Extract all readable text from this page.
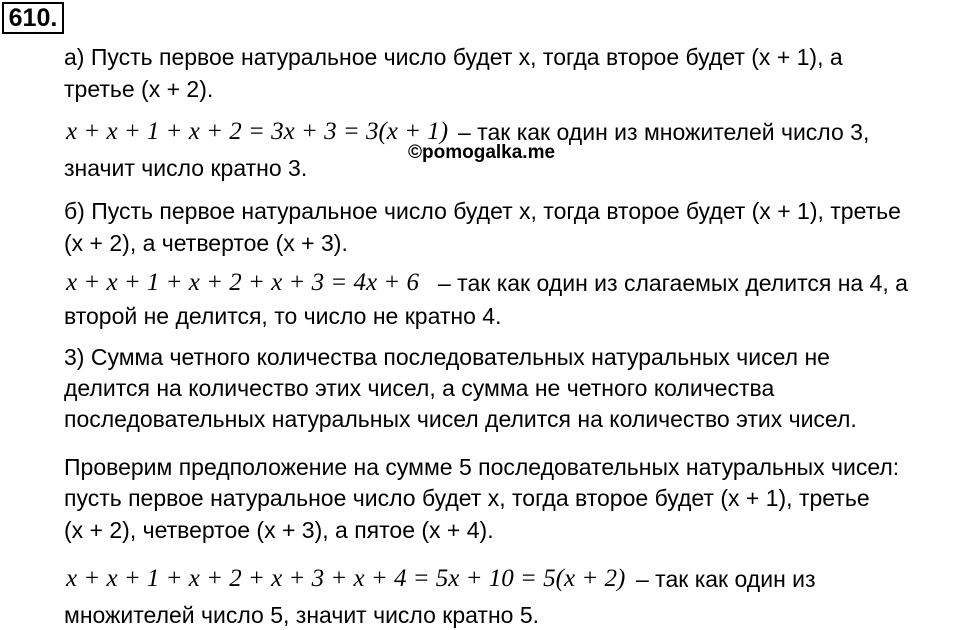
610.
а) Пусть первое натуральное число будет x, тогда второе будет (x + 1), а
третье (x + 2).
x + x + 1 + x + 2 = 3x + 3 = 3(x + 1) – так как один из множителей число 3,
значит число кратно 3.
©pomogalka.me
б) Пусть первое натуральное число будет x, тогда второе будет (x + 1), третье
(x + 2), а четвертое (x + 3).
x + x + 1 + x + 2 + x + 3 = 4x + 6 – так как один из слагаемых делится на 4, а
второй не делится, то число не кратно 4.
3) Сумма четного количества последовательных натуральных чисел не
делится на количество этих чисел, а сумма не четного количества
последовательных натуральных чисел делится на количество этих чисел.
Проверим предположение на сумме 5 последовательных натуральных чисел:
пусть первое натуральное число будет x, тогда второе будет (x + 1), третье
(x + 2), четвертое (x + 3), а пятое (x + 4).
x + x + 1 + x + 2 + x + 3 + x + 4 = 5x + 10 = 5(x + 2) – так как один из
множителей число 5, значит число кратно 5.
